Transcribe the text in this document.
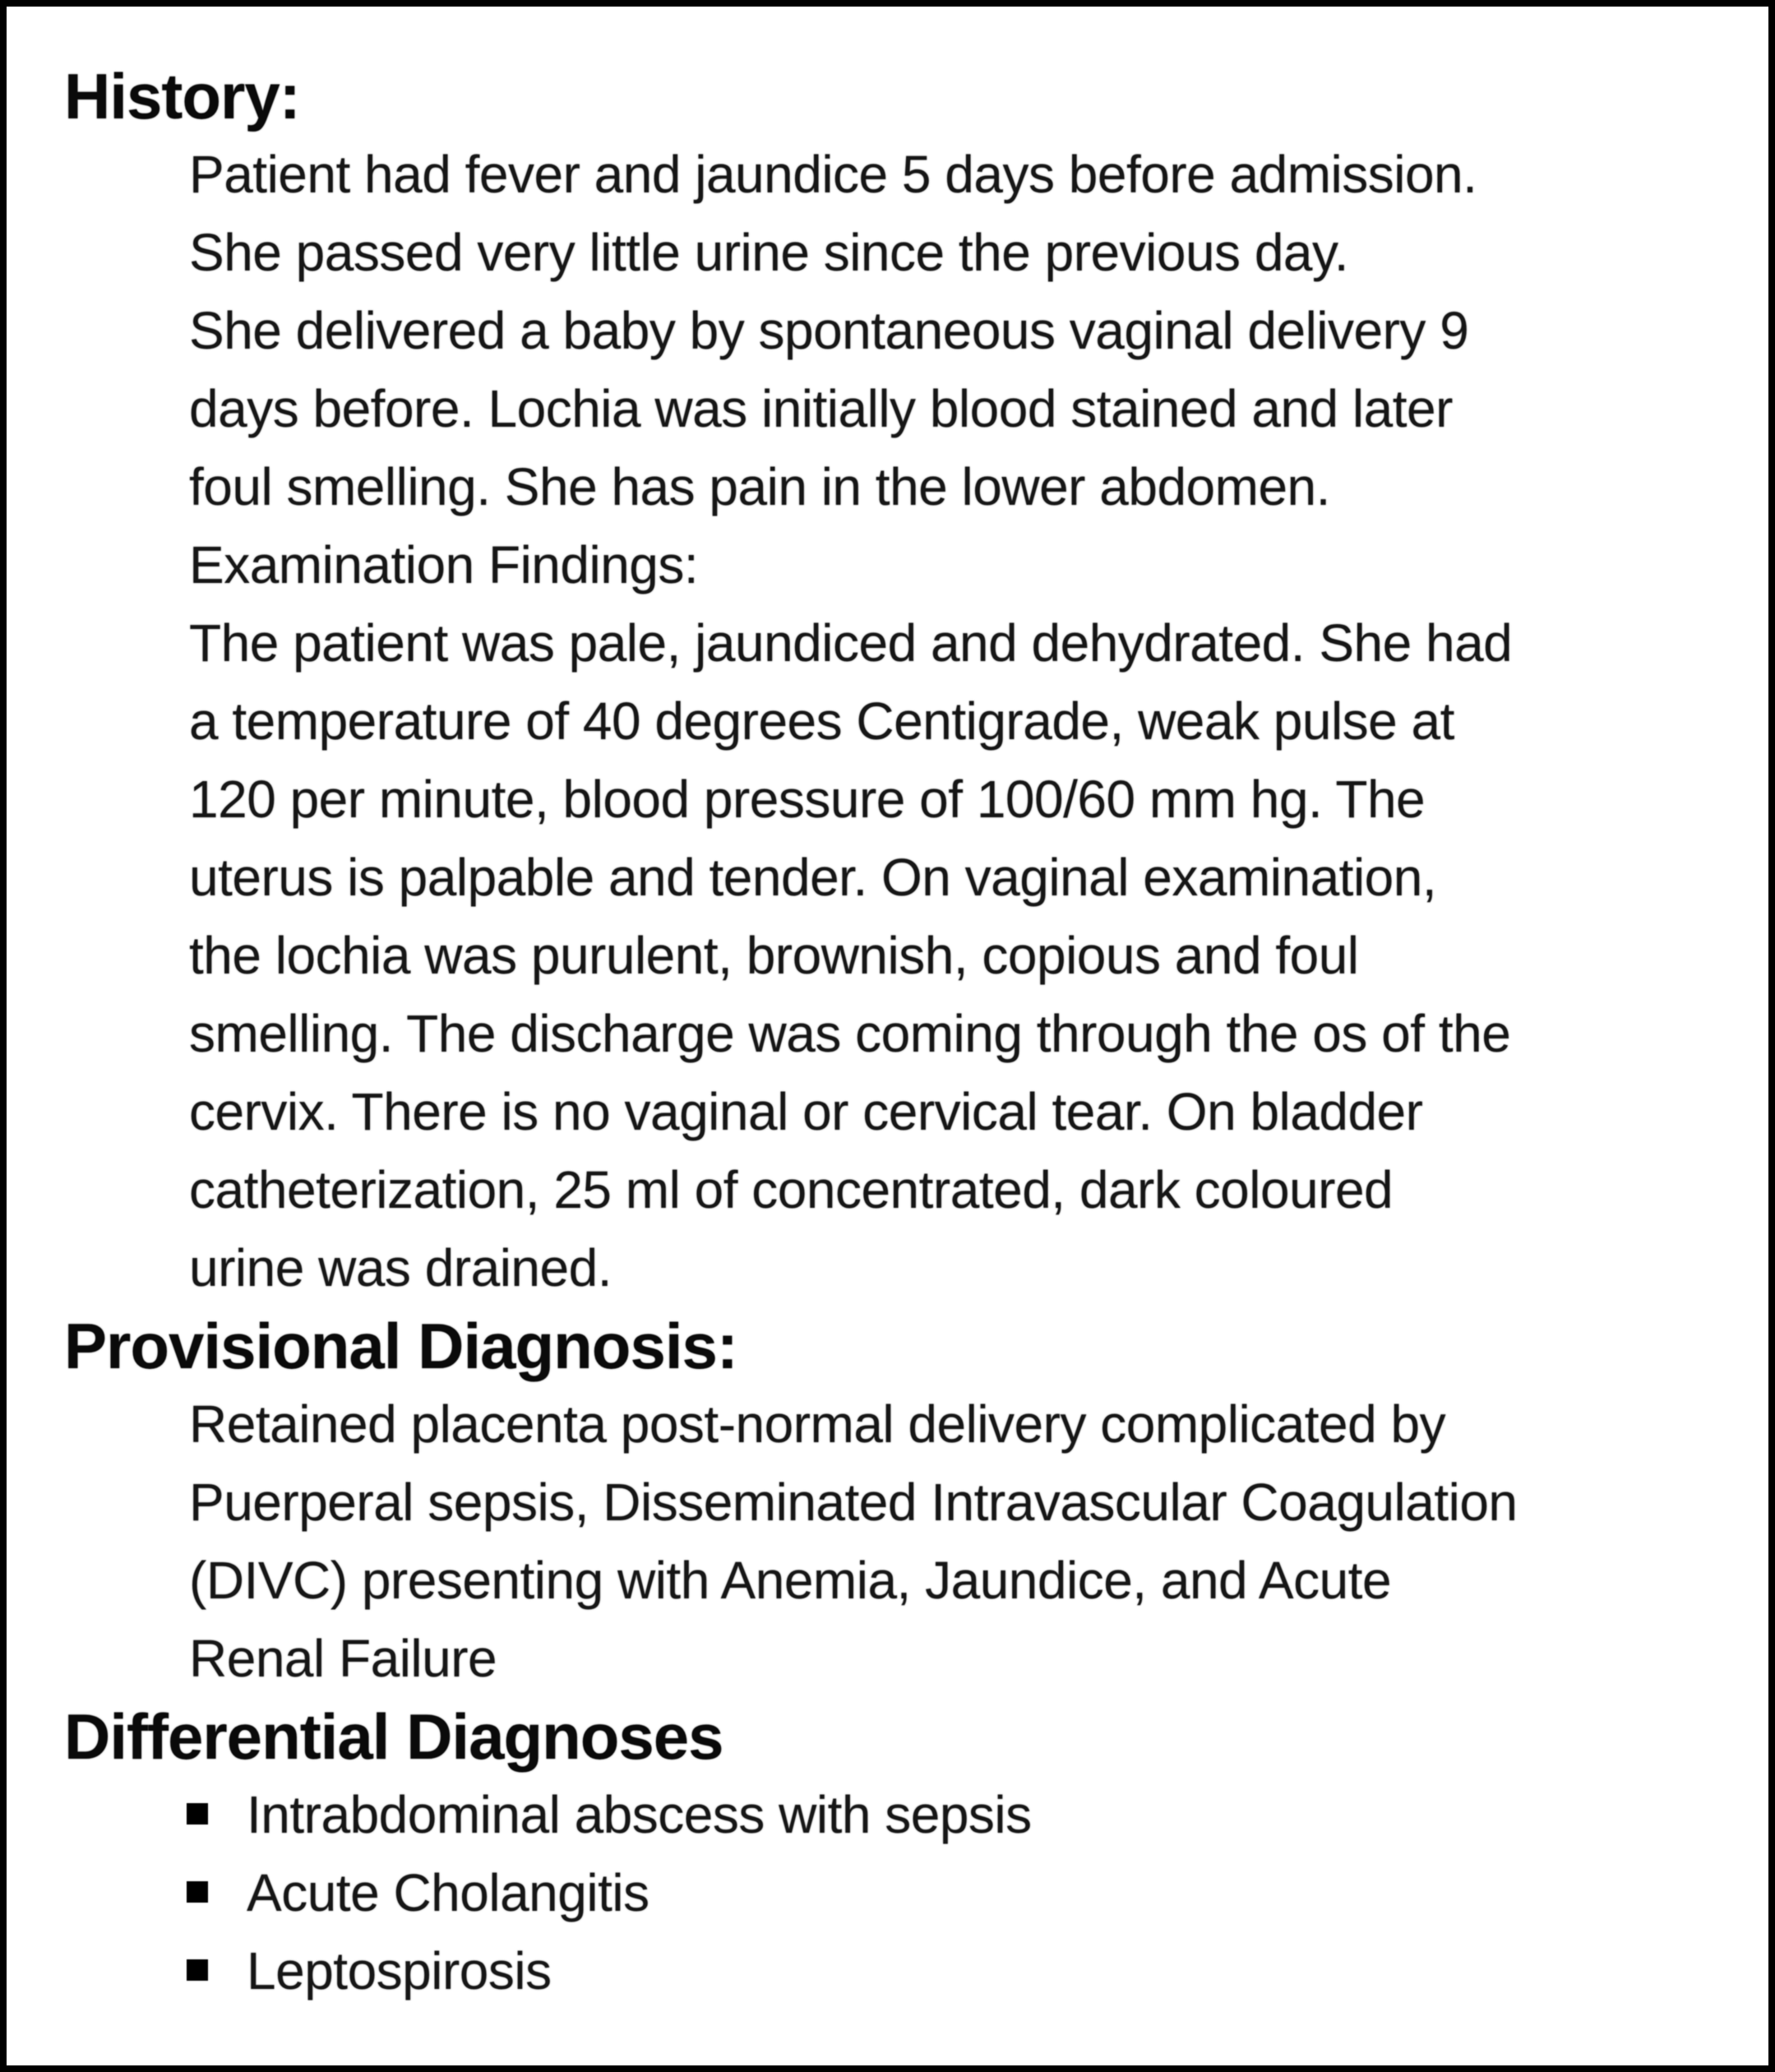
History:
Patient had fever and jaundice 5 days before admission.
She passed very little urine since the previous day.
She delivered a baby by spontaneous vaginal delivery 9
days before. Lochia was initially blood stained and later
foul smelling. She has pain in the lower abdomen.
Examination Findings:
The patient was pale, jaundiced and dehydrated. She had
a temperature of 40 degrees Centigrade, weak pulse at
120 per minute, blood pressure of 100/60 mm hg. The
uterus is palpable and tender. On vaginal examination,
the lochia was purulent, brownish, copious and foul
smelling. The discharge was coming through the os of the
cervix. There is no vaginal or cervical tear. On bladder
catheterization, 25 ml of concentrated, dark coloured
urine was drained.
Provisional Diagnosis:
Retained placenta post-normal delivery complicated by
Puerperal sepsis, Disseminated Intravascular Coagulation
(DIVC) presenting with Anemia, Jaundice, and Acute
Renal Failure
Differential Diagnoses
Intrabdominal abscess with sepsis
Acute Cholangitis
Leptospirosis
